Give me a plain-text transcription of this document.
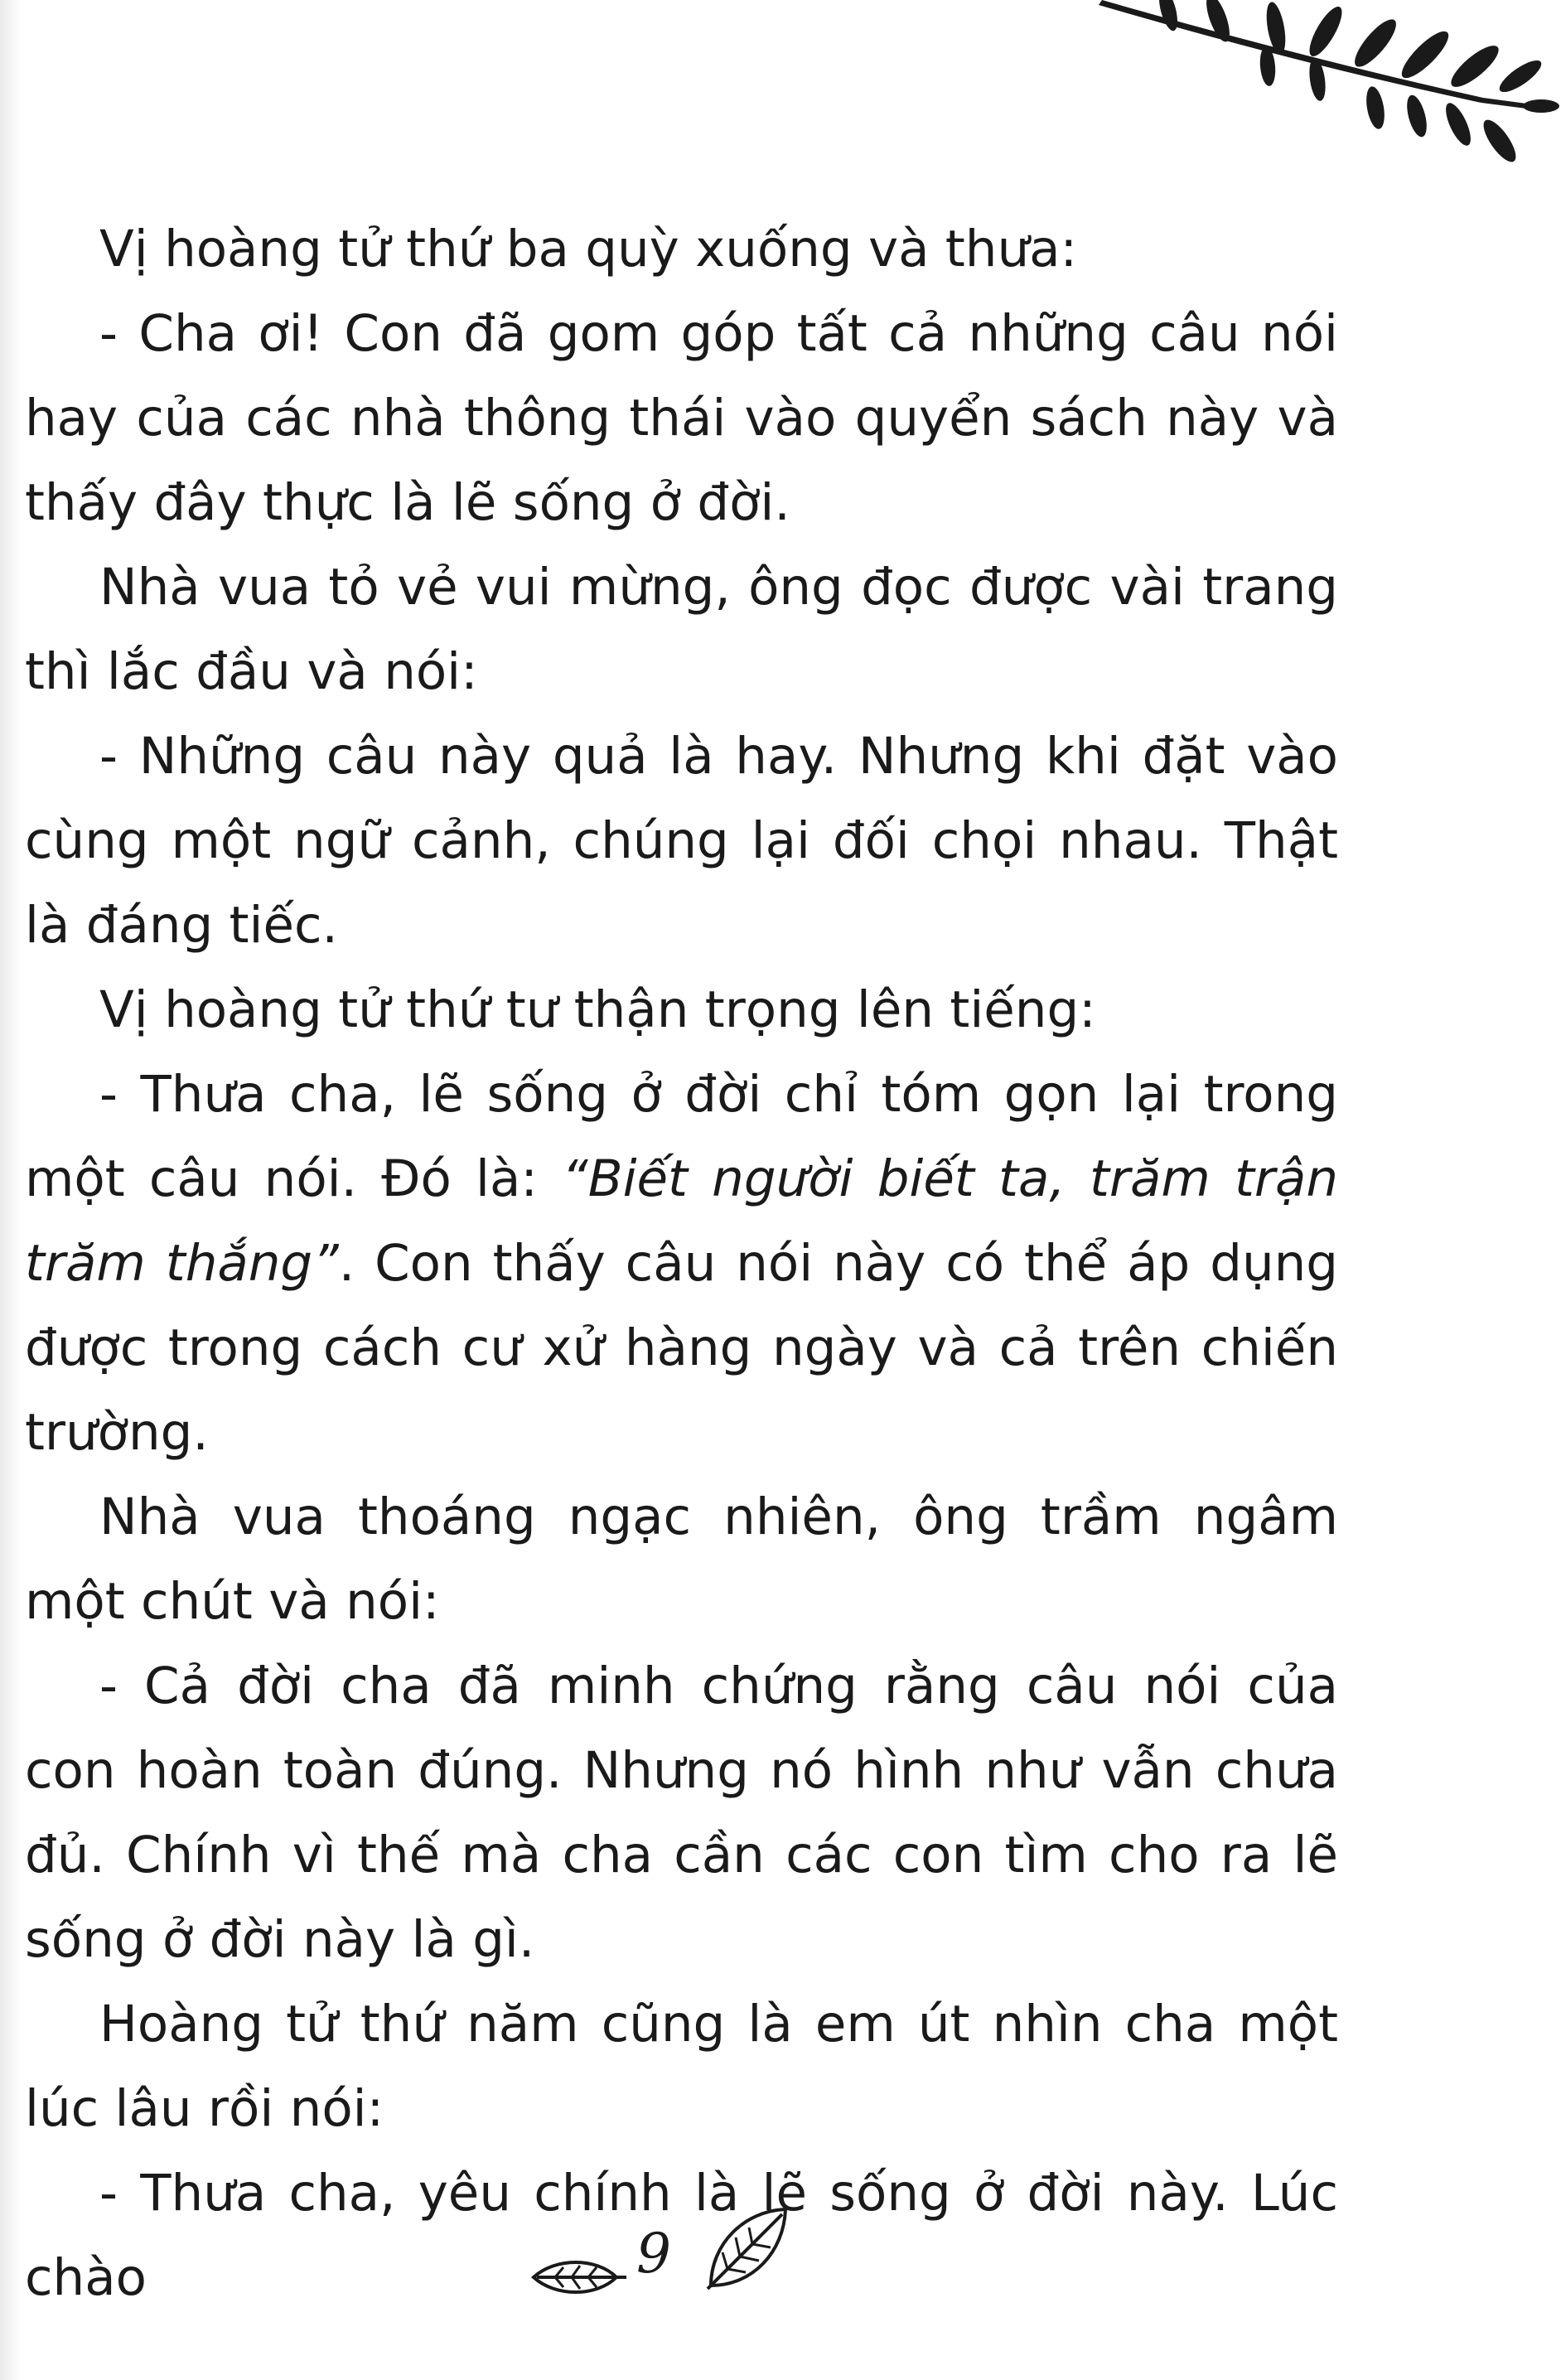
Vị hoàng tử thứ ba quỳ xuống và thưa:

- Cha ơi! Con đã gom góp tất cả những câu nói hay của các nhà thông thái vào quyển sách này và thấy đây thực là lẽ sống ở đời.

Nhà vua tỏ vẻ vui mừng, ông đọc được vài trang thì lắc đầu và nói:

- Những câu này quả là hay. Nhưng khi đặt vào cùng một ngữ cảnh, chúng lại đối chọi nhau. Thật là đáng tiếc.

Vị hoàng tử thứ tư thận trọng lên tiếng:

- Thưa cha, lẽ sống ở đời chỉ tóm gọn lại trong một câu nói. Đó là: “Biết người biết ta, trăm trận trăm thắng”. Con thấy câu nói này có thể áp dụng được trong cách cư xử hàng ngày và cả trên chiến trường.

Nhà vua thoáng ngạc nhiên, ông trầm ngâm một chút và nói:

- Cả đời cha đã minh chứng rằng câu nói của con hoàn toàn đúng. Nhưng nó hình như vẫn chưa đủ. Chính vì thế mà cha cần các con tìm cho ra lẽ sống ở đời này là gì.

Hoàng tử thứ năm cũng là em út nhìn cha một lúc lâu rồi nói:

- Thưa cha, yêu chính là lẽ sống ở đời này. Lúc chào	9
